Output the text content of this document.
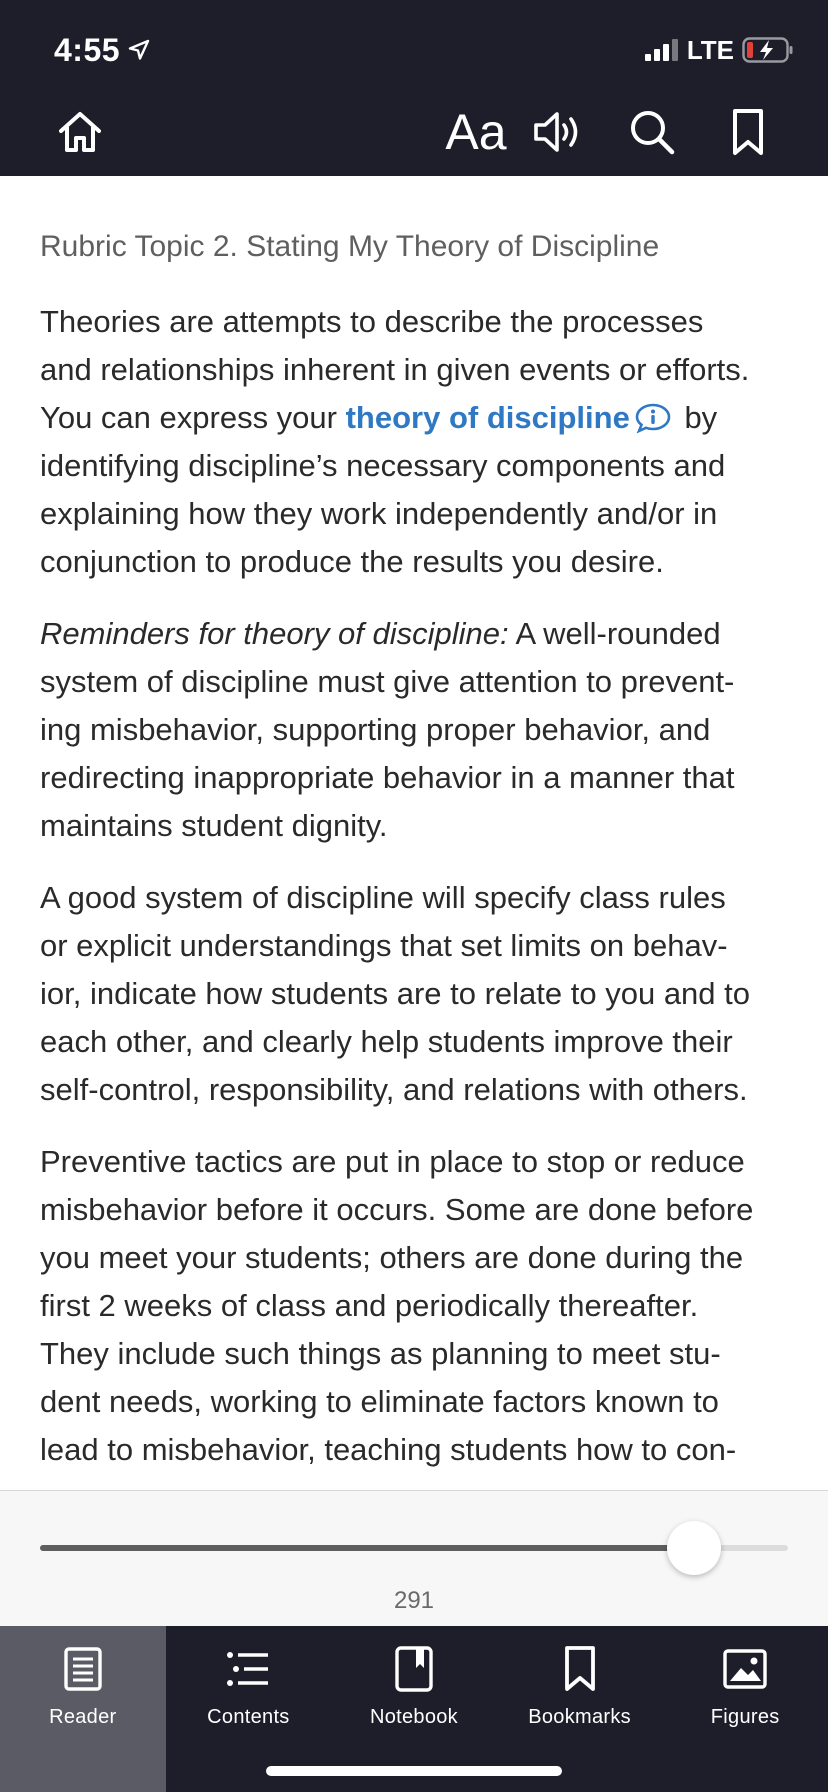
4:55	LTE
Aa

Rubric Topic 2. Stating My Theory of Discipline
Theories are attempts to describe the processes
and relationships inherent in given events or efforts.
You can express your theory of discipline by
identifying discipline’s necessary components and
explaining how they work independently and/or in
conjunction to produce the results you desire.
Reminders for theory of discipline: A well-rounded
system of discipline must give attention to prevent-
ing misbehavior, supporting proper behavior, and
redirecting inappropriate behavior in a manner that
maintains student dignity.
A good system of discipline will specify class rules
or explicit understandings that set limits on behav-
ior, indicate how students are to relate to you and to
each other, and clearly help students improve their
self-control, responsibility, and relations with others.
Preventive tactics are put in place to stop or reduce
misbehavior before it occurs. Some are done before
you meet your students; others are done during the
first 2 weeks of class and periodically thereafter.
They include such things as planning to meet stu-
dent needs, working to eliminate factors known to
lead to misbehavior, teaching students how to con-
291
Reader	Contents	Notebook	Bookmarks	Figures
